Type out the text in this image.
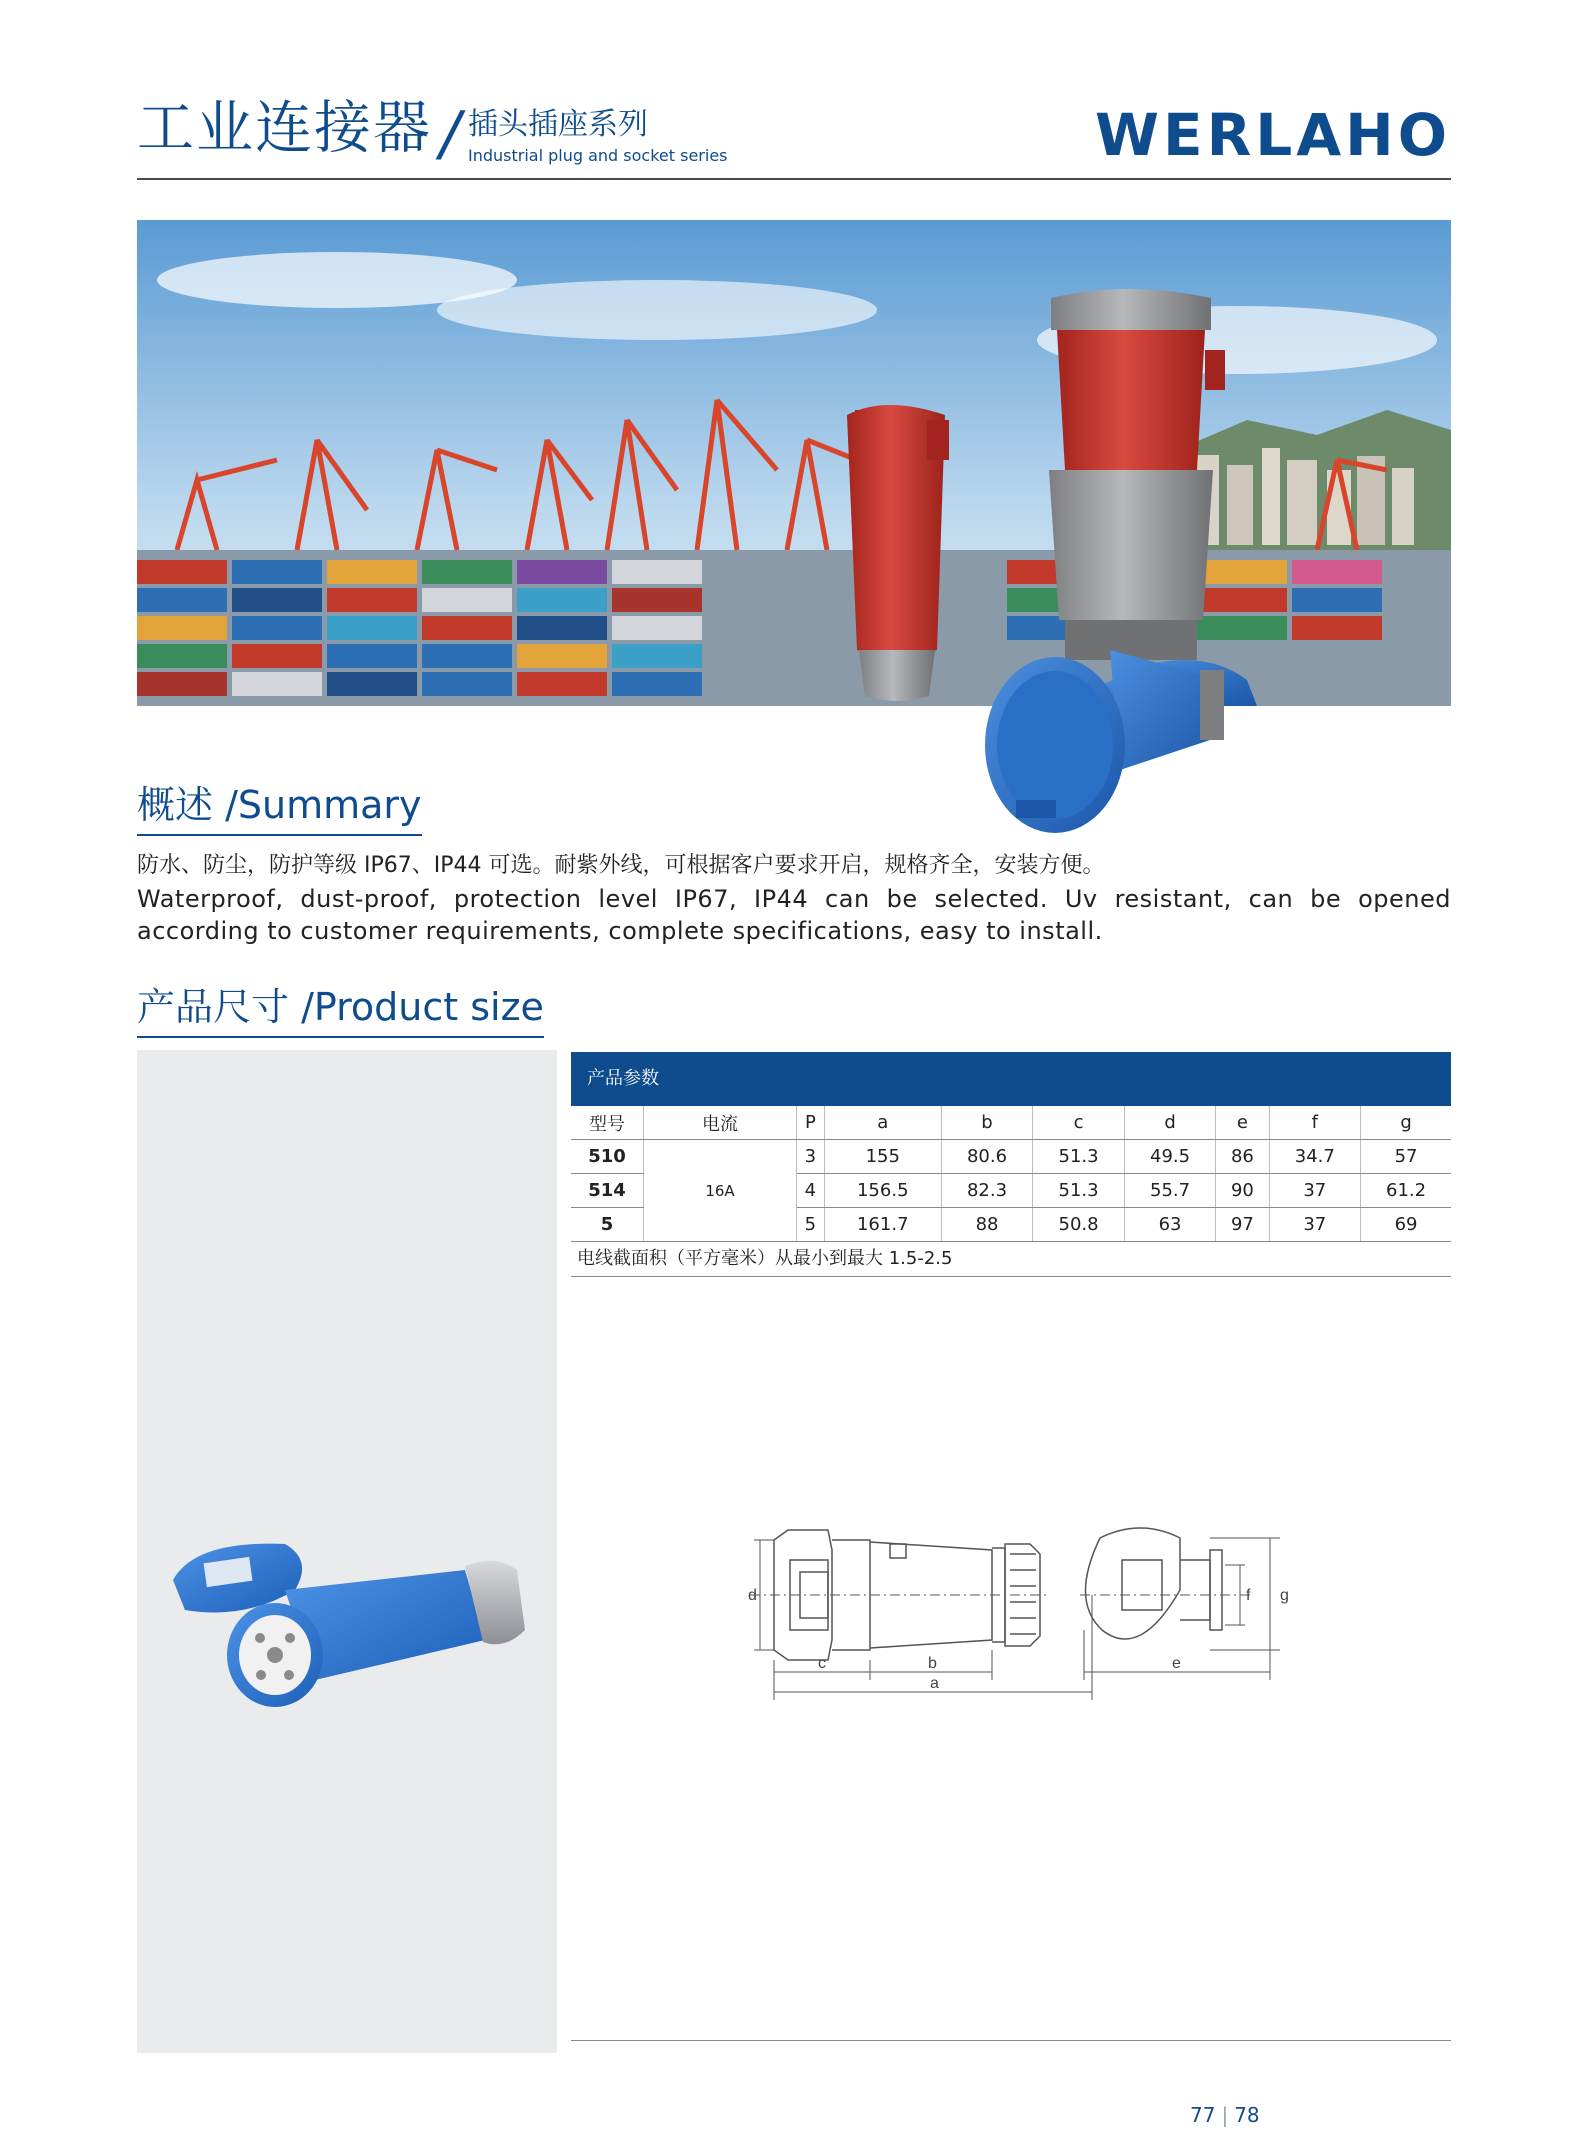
工业连接器 / 插头插座系列
Industrial plug and socket series	WERLAHO
概述 /Summary
防水、防尘，防护等级 IP67、IP44 可选。耐紫外线，可根据客户要求开启，规格齐全，安装方便。
Waterproof, dust-proof, protection level IP67, IP44 can be selected. Uv resistant, can be opened according to customer requirements, complete specifications, easy to install.
产品尺寸 /Product size
产品参数
型号	电流	P	a	b	c	d	e	f	g
510	16A	3	155	80.6	51.3	49.5	86	34.7	57
514		4	156.5	82.3	51.3	55.7	90	37	61.2
5		5	161.7	88	50.8	63	97	37	69
电线截面积（平方毫米）从最小到最大 1.5-2.5
d
c	b
a
e
f g
77 | 78
